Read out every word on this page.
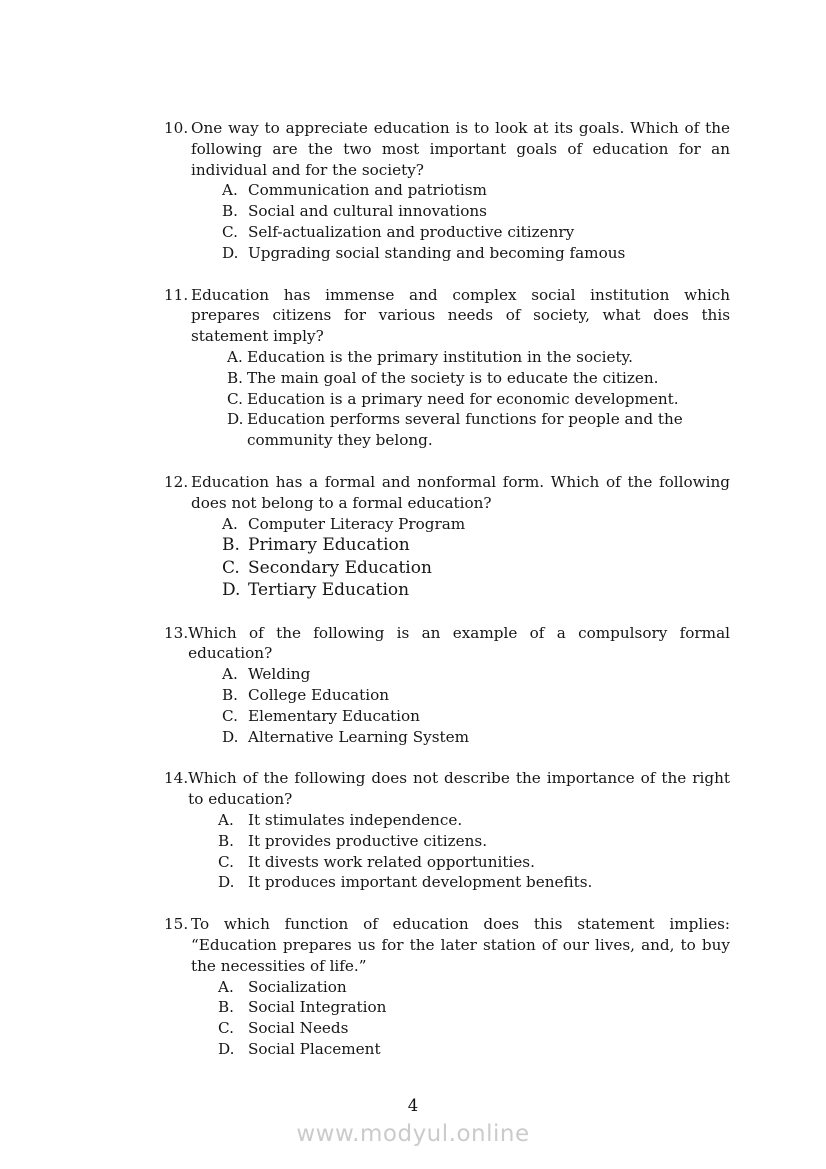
10. One way to appreciate education is to look at its goals. Which of the following are the two most important goals of education for an individual and for the society?
A. Communication and patriotism
B. Social and cultural innovations
C. Self-actualization and productive citizenry
D. Upgrading social standing and becoming famous
11. Education has immense and complex social institution which prepares citizens for various needs of society, what does this statement imply?
A. Education is the primary institution in the society.
B. The main goal of the society is to educate the citizen.
C. Education is a primary need for economic development.
D. Education performs several functions for people and the community they belong.
12. Education has a formal and nonformal form. Which of the following does not belong to a formal education?
A. Computer Literacy Program
B. Primary Education
C. Secondary Education
D. Tertiary Education
13. Which of the following is an example of a compulsory formal education?
A. Welding
B. College Education
C. Elementary Education
D. Alternative Learning System
14. Which of the following does not describe the importance of the right to education?
A. It stimulates independence.
B. It provides productive citizens.
C. It divests work related opportunities.
D. It produces important development benefits.
15. To which function of education does this statement implies: “Education prepares us for the later station of our lives, and, to buy the necessities of life.”
A. Socialization
B. Social Integration
C. Social Needs
D. Social Placement
4
www.modyul.online
